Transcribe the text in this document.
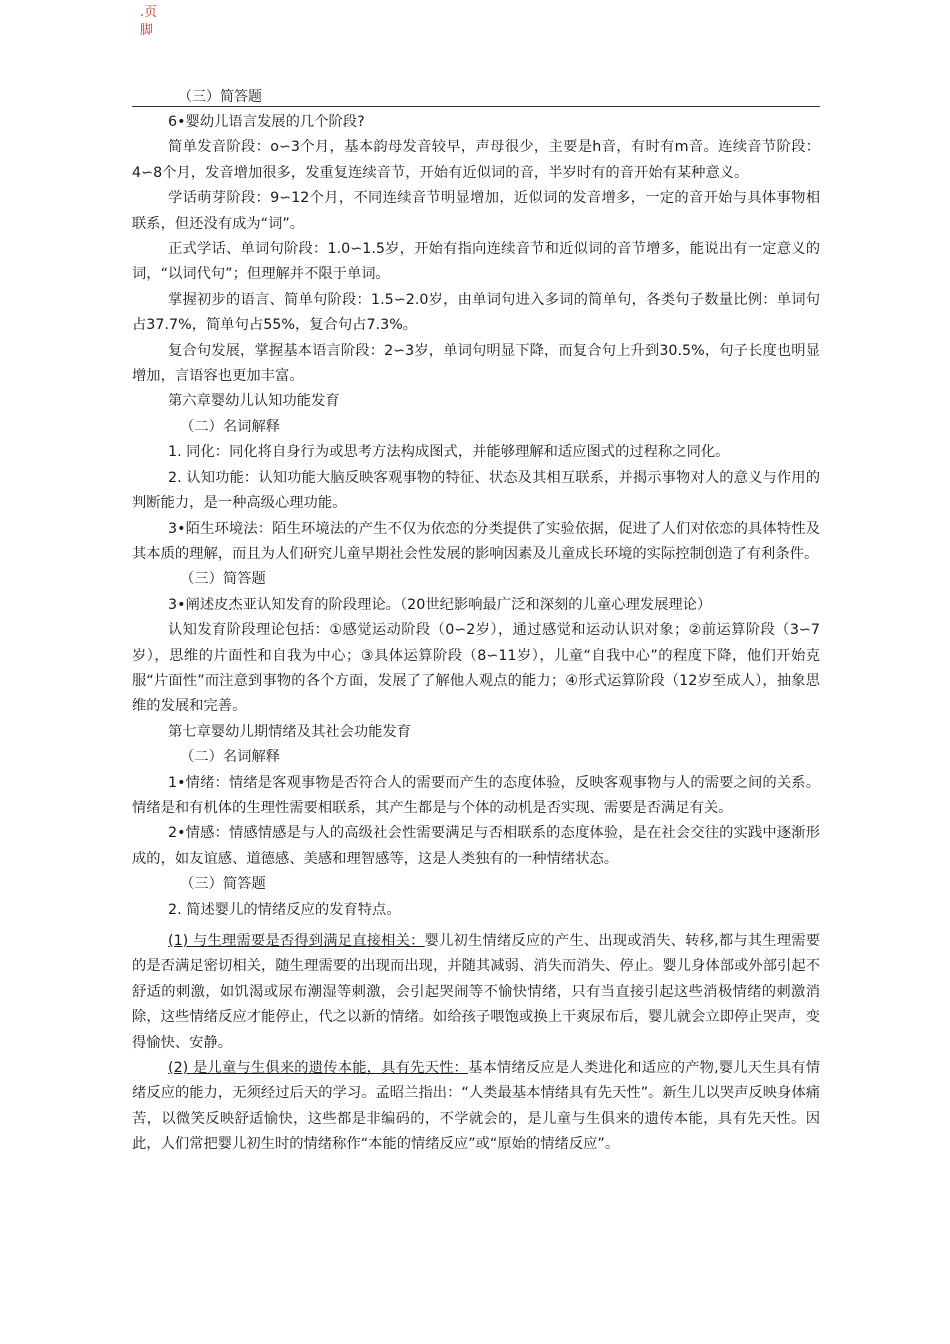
.页脚
（三）简答题

6•婴幼儿语言发展的几个阶段?

简单发音阶段：o∽3个月，基本韵母发音较早，声母很少，主要是h音，有时有m音。连续音节阶段：4∽8个月，发音增加很多，发重复连续音节，开始有近似词的音，半岁时有的音开始有某种意义。

学话萌芽阶段：9∽12个月，不同连续音节明显增加，近似词的发音增多，一定的音开始与具体事物相联系，但还没有成为“词”。

正式学话、单词句阶段：1.0∽1.5岁，开始有指向连续音节和近似词的音节增多，能说出有一定意义的词，“以词代句”；但理解并不限于单词。

掌握初步的语言、简单句阶段：1.5∽2.0岁，由单词句进入多词的简单句，各类句子数量比例：单词句占37.7%，简单句占55%，复合句占7.3%。

复合句发展，掌握基本语言阶段：2∽3岁，单词句明显下降，而复合句上升到30.5%，句子长度也明显增加，言语容也更加丰富。

第六章婴幼儿认知功能发育

（二）名词解释

1. 同化：同化将自身行为或思考方法构成图式，并能够理解和适应图式的过程称之同化。

2. 认知功能：认知功能大脑反映客观事物的特征、状态及其相互联系，并揭示事物对人的意义与作用的判断能力，是一种高级心理功能。

3•陌生环境法：陌生环境法的产生不仅为依恋的分类提供了实验依据，促进了人们对依恋的具体特性及其本质的理解，而且为人们研究儿童早期社会性发展的影响因素及儿童成长环境的实际控制创造了有利条件。

（三）简答题

3•阐述皮杰亚认知发育的阶段理论。（20世纪影响最广泛和深刻的儿童心理发展理论）

认知发育阶段理论包括：①感觉运动阶段（0∽2岁），通过感觉和运动认识对象；②前运算阶段（3∽7岁），思维的片面性和自我为中心；③具体运算阶段（8∽11岁），儿童“自我中心”的程度下降，他们开始克服“片面性”而注意到事物的各个方面，发展了了解他人观点的能力；④形式运算阶段（12岁至成人），抽象思维的发展和完善。

第七章婴幼儿期情绪及其社会功能发育

（二）名词解释

1•情绪：情绪是客观事物是否符合人的需要而产生的态度体验，反映客观事物与人的需要之间的关系。情绪是和有机体的生理性需要相联系，其产生都是与个体的动机是否实现、需要是否满足有关。

2•情感：情感情感是与人的高级社会性需要满足与否相联系的态度体验，是在社会交往的实践中逐渐形成的，如友谊感、道德感、美感和理智感等，这是人类独有的一种情绪状态。

（三）简答题

2. 简述婴儿的情绪反应的发育特点。

(1) 与生理需要是否得到满足直接相关：婴儿初生情绪反应的产生、出现或消失、转移,都与其生理需要的是否满足密切相关，随生理需要的出现而出现，并随其减弱、消失而消失、停止。婴儿身体部或外部引起不舒适的刺激，如饥渴或尿布潮湿等刺激，会引起哭闹等不愉快情绪，只有当直接引起这些消极情绪的刺激消除，这些情绪反应才能停止，代之以新的情绪。如给孩子喂饱或换上干爽尿布后，婴儿就会立即停止哭声，变得愉快、安静。

(2) 是儿童与生俱来的遗传本能，具有先天性：基本情绪反应是人类进化和适应的产物,婴儿天生具有情绪反应的能力，无须经过后天的学习。孟昭兰指出：“人类最基本情绪具有先天性”。新生儿以哭声反映身体痛苦，以微笑反映舒适愉快，这些都是非编码的，不学就会的，是儿童与生俱来的遗传本能，具有先天性。因此，人们常把婴儿初生时的情绪称作“本能的情绪反应”或“原始的情绪反应”。
